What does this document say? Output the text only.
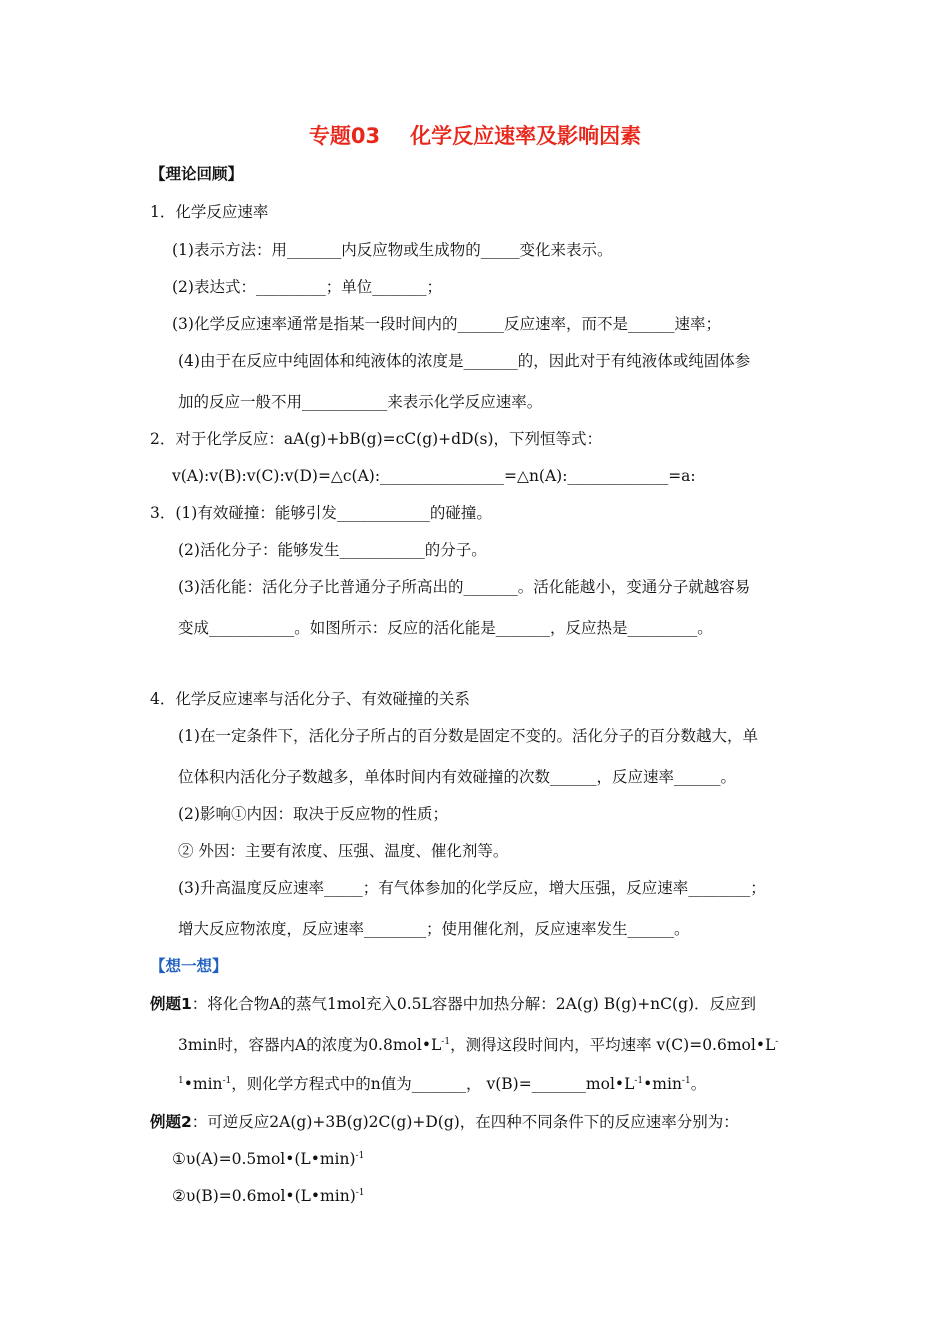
专题03 化学反应速率及影响因素
【理论回顾】
1．化学反应速率
(1)表示方法：用_______内反应物或生成物的_____变化来表示。
(2)表达式：_________；单位_______；
(3)化学反应速率通常是指某一段时间内的______反应速率，而不是______速率；
(4)由于在反应中纯固体和纯液体的浓度是_______的，因此对于有纯液体或纯固体参
加的反应一般不用___________来表示化学反应速率。
2．对于化学反应：aA(g)+bB(g)=cC(g)+dD(s)，下列恒等式：
v(A):v(B):v(C):v(D)=△c(A):________________=△n(A):_____________=a:
3．(1)有效碰撞：能够引发____________的碰撞。
(2)活化分子：能够发生___________的分子。
(3)活化能：活化分子比普通分子所高出的_______。活化能越小，变通分子就越容易
变成___________。如图所示：反应的活化能是_______，反应热是_________。
4．化学反应速率与活化分子、有效碰撞的关系
(1)在一定条件下，活化分子所占的百分数是固定不变的。活化分子的百分数越大，单
位体积内活化分子数越多，单体时间内有效碰撞的次数______，反应速率______。
(2)影响①内因：取决于反应物的性质；
② 外因：主要有浓度、压强、温度、催化剂等。
(3)升高温度反应速率_____；有气体参加的化学反应，增大压强，反应速率________；
增大反应物浓度，反应速率________；使用催化剂，反应速率发生______。
【想一想】
例题1：将化合物A的蒸气1mol充入0.5L容器中加热分解：2A(g) B(g)+nC(g)．反应到
3min时，容器内A的浓度为$0.8mol•L^{-1}$，测得这段时间内，平均速率 v(C)=0.6mol•L-
$^1•\min^{-1}$，则化学方程式中的n值为_______， $v(B)=\_\_\_\_\_\_\_mol•L^{-1}•\min^{-1}$。
例题2：可逆反应2A(g)+3B(g)2C(g)+D(g)，在四种不同条件下的反应速率分别为：
①υ(A)=0.5mol•(L•min)$^{-1}$
②υ(B)=0.6mol•(L•min)$^{-1}$
